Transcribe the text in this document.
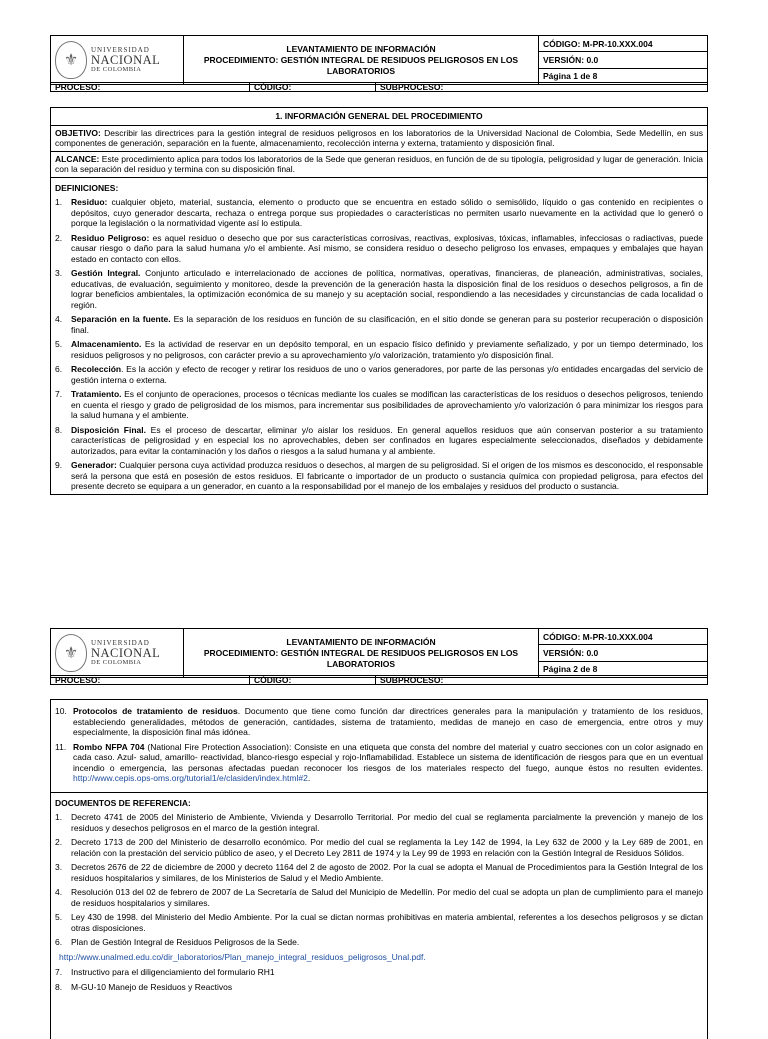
⚜
UNIVERSIDAD
NACIONAL
DE COLOMBIA

LEVANTAMIENTO DE INFORMACIÓN
PROCEDIMIENTO: GESTIÓN INTEGRAL DE RESIDUOS PELIGROSOS EN LOS
LABORATORIOS
	CÓDIGO: M-PR-10.XXX.004
VERSIÓN: 0.0
Página 1 de 8
PROCESO:	CÓDIGO:	SUBPROCESO:
1. INFORMACIÓN GENERAL DEL PROCEDIMIENTO
OBJETIVO: Describir las directrices para la gestión integral de residuos peligrosos en los laboratorios de la Universidad Nacional de Colombia, Sede Medellín, en sus componentes de generación, separación en la fuente, almacenamiento, recolección interna y externa, tratamiento y disposición final.
ALCANCE: Este procedimiento aplica para todos los laboratorios de la Sede que generan residuos, en función de de su tipología, peligrosidad y lugar de generación. Inicia con la separación del residuo y termina con su disposición final.
DEFINICIONES:
1.	Residuo: cualquier objeto, material, sustancia, elemento o producto que se encuentra en estado sólido o semisólido, líquido o gas contenido en recipientes o depósitos, cuyo generador descarta, rechaza o entrega porque sus propiedades o características no permiten usarlo nuevamente en la actividad que lo generó o porque la legislación o la normatividad vigente así lo estipula.
2.	Residuo Peligroso: es aquel residuo o desecho que por sus características corrosivas, reactivas, explosivas, tóxicas, inflamables, infecciosas o radiactivas, puede causar riesgo o daño para la salud humana y/o el ambiente. Así mismo, se considera residuo o desecho peligroso los envases, empaques y embalajes que hayan estado en contacto con ellos.
3.	Gestión Integral. Conjunto articulado e interrelacionado de acciones de política, normativas, operativas, financieras, de planeación, administrativas, sociales, educativas, de evaluación, seguimiento y monitoreo, desde la prevención de la generación hasta la disposición final de los residuos o desechos peligrosos, a fin de lograr beneficios ambientales, la optimización económica de su manejo y su aceptación social, respondiendo a las necesidades y circunstancias de cada localidad o región.
4.	Separación en la fuente. Es la separación de los residuos en función de su clasificación, en el sitio donde se generan para su posterior recuperación o disposición final.
5.	Almacenamiento. Es la actividad de reservar en un depósito temporal, en un espacio físico definido y previamente señalizado, y por un tiempo determinado, los residuos peligrosos y no peligrosos, con carácter previo a su aprovechamiento y/o valorización, tratamiento y/o disposición final.
6.	Recolección. Es la acción y efecto de recoger y retirar los residuos de uno o varios generadores, por parte de las personas y/o entidades encargadas del servicio de gestión interna o externa.
7.	Tratamiento. Es el conjunto de operaciones, procesos o técnicas mediante los cuales se modifican las características de los residuos o desechos peligrosos, teniendo en cuenta el riesgo y grado de peligrosidad de los mismos, para incrementar sus posibilidades de aprovechamiento y/o valorización ó para minimizar los riesgos para la salud humana y el ambiente.
8.	Disposición Final. Es el proceso de descartar, eliminar y/o aislar los residuos. En general aquellos residuos que aún conservan posterior a su tratamiento características de peligrosidad y en especial los no aprovechables, deben ser confinados en lugares especialmente seleccionados, diseñados y debidamente autorizados, para evitar la contaminación y los daños o riesgos a la salud humana y al ambiente.
9.	Generador: Cualquier persona cuya actividad produzca residuos o desechos, al margen de su peligrosidad. Si el origen de los mismos es desconocido, el responsable será la persona que está en posesión de estos residuos. El fabricante o importador de un producto o sustancia química con propiedad peligrosa, para efectos del presente decreto se equipara a un generador, en cuanto a la responsabilidad por el manejo de los embalajes y residuos del producto o sustancia.
⚜
UNIVERSIDAD
NACIONAL
DE COLOMBIA

LEVANTAMIENTO DE INFORMACIÓN
PROCEDIMIENTO: GESTIÓN INTEGRAL DE RESIDUOS PELIGROSOS EN LOS
LABORATORIOS
	CÓDIGO: M-PR-10.XXX.004
VERSIÓN: 0.0
Página 2 de 8
PROCESO:	CÓDIGO:	SUBPROCESO:
10. Protocolos de tratamiento de residuos. Documento que tiene como función dar directrices generales para la manipulación y tratamiento de los residuos, estableciendo generalidades, métodos de generación, cantidades, sistema de tratamiento, medidas de manejo en caso de emergencia, entre otros y muy especialmente, la disposición final más idónea.
11. Rombo NFPA 704 (National Fire Protection Association): Consiste en una etiqueta que consta del nombre del material y cuatro secciones con un color asignado en cada caso. Azul- salud, amarillo- reactividad, blanco-riesgo especial y rojo-Inflamabilidad. Establece un sistema de identificación de riesgos para que en un eventual incendio o emergencia, las personas afectadas puedan reconocer los riesgos de los materiales respecto del fuego, aunque éstos no resulten evidentes. http://www.cepis.ops-oms.org/tutorial1/e/clasiden/index.html#2.
DOCUMENTOS DE REFERENCIA:
1.	Decreto 4741 de 2005 del Ministerio de Ambiente, Vivienda y Desarrollo Territorial. Por medio del cual se reglamenta parcialmente la prevención y manejo de los residuos y desechos peligrosos en el marco de la gestión integral.
2.	Decreto 1713 de 200 del Ministerio de desarrollo económico. Por medio del cual se reglamenta la Ley 142 de 1994, la Ley 632 de 2000 y la Ley 689 de 2001, en relación con la prestación del servicio público de aseo, y el Decreto Ley 2811 de 1974 y la Ley 99 de 1993 en relación con la Gestión Integral de Residuos Sólidos.
3.	Decretos 2676 de 22 de diciembre de 2000 y decreto 1164 del 2 de agosto de 2002. Por la cual se adopta el Manual de Procedimientos para la Gestión Integral de los residuos hospitalarios y similares, de los Ministerios de Salud y el Medio Ambiente.
4.	Resolución 013 del 02 de febrero de 2007 de La Secretaría de Salud del Municipio de Medellín. Por medio del cual se adopta un plan de cumplimiento para el manejo de residuos hospitalarios y similares.
5.	Ley 430 de 1998. del Ministerio del Medio Ambiente. Por la cual se dictan normas prohibitivas en materia ambiental, referentes a los desechos peligrosos y se dictan otras disposiciones.
6.	Plan de Gestión Integral de Residuos Peligrosos de la Sede.
http://www.unalmed.edu.co/dir_laboratorios/Plan_manejo_integral_residuos_peligrosos_Unal.pdf.
7.	Instructivo para el diligenciamiento del formulario RH1
8.	M-GU-10 Manejo de Residuos y Reactivos
